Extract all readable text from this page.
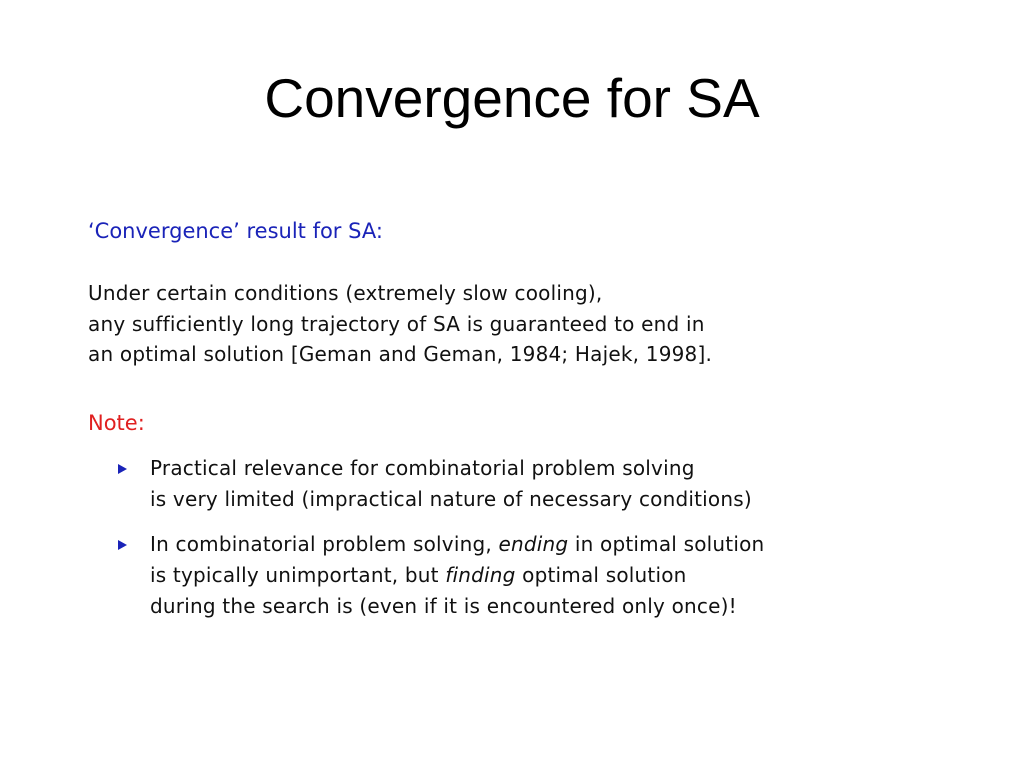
Convergence for SA
‘Convergence’ result for SA:
Under certain conditions (extremely slow cooling),
any sufficiently long trajectory of SA is guaranteed to end in
an optimal solution [Geman and Geman, 1984; Hajek, 1998].
Note:
Practical relevance for combinatorial problem solving
is very limited (impractical nature of necessary conditions)
In combinatorial problem solving, ending in optimal solution
is typically unimportant, but finding optimal solution
during the search is (even if it is encountered only once)!
